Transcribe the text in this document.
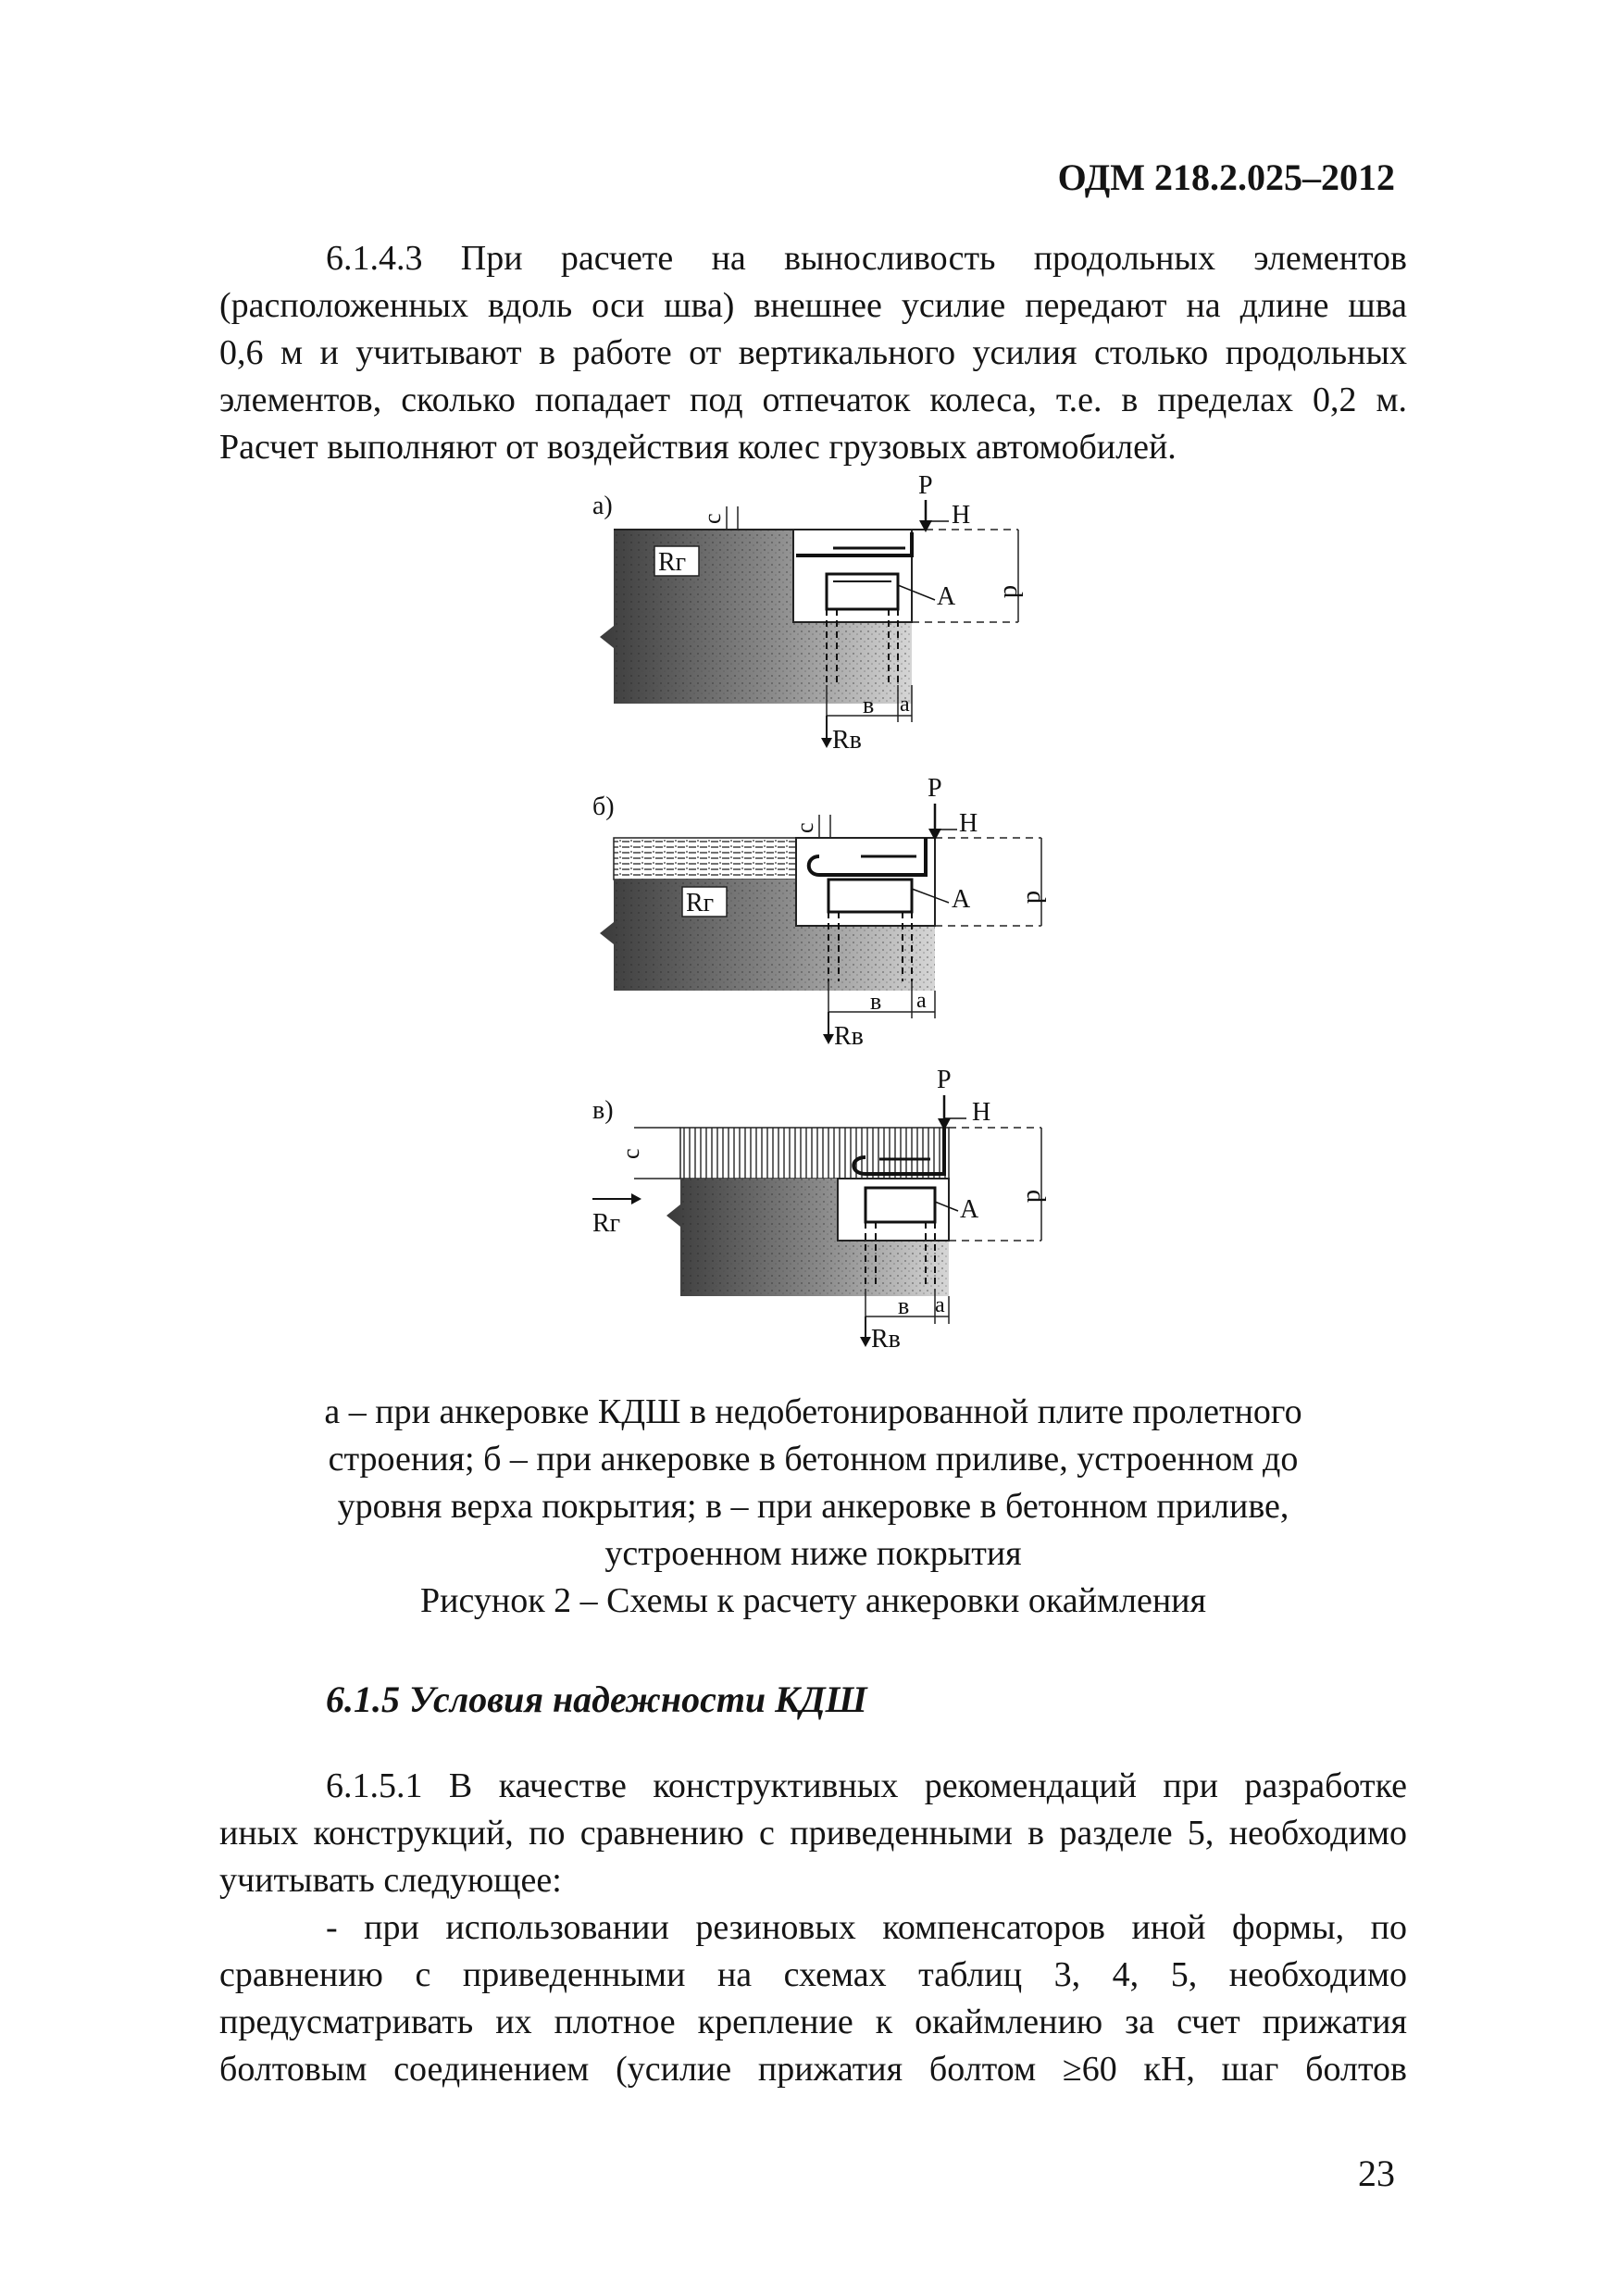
ОДМ 218.2.025–2012
6.1.4.3 При расчете на выносливость продольных элементов
(расположенных вдоль оси шва) внешнее усилие передают на длине шва
0,6 м и учитывают в работе от вертикального усилия столько продольных
элементов, сколько попадает под отпечаток колеса, т.е. в пределах 0,2 м.
Расчет выполняют от воздействия колес грузовых автомобилей.
а)
Rг
c
P
H
d
A
в a
Rв
б)
Rг
c
P
H
d
A
в a
Rв
в)
c
Rг
P
H
d
A
в a
Rв
а – при анкеровке КДШ в недобетонированной плите пролетного
строения; б – при анкеровке в бетонном приливе, устроенном до
уровня верха покрытия; в – при анкеровке в бетонном приливе,
устроенном ниже покрытия
Рисунок 2 – Схемы к расчету анкеровки окаймления
6.1.5 Условия надежности КДШ
6.1.5.1 В качестве конструктивных рекомендаций при разработке
иных конструкций, по сравнению с приведенными в разделе 5, необходимо
учитывать следующее:
- при использовании резиновых компенсаторов иной формы, по
сравнению с приведенными на схемах таблиц 3, 4, 5, необходимо
предусматривать их плотное крепление к окаймлению за счет прижатия
болтовым соединением (усилие прижатия болтом ≥60 кН, шаг болтов
23
